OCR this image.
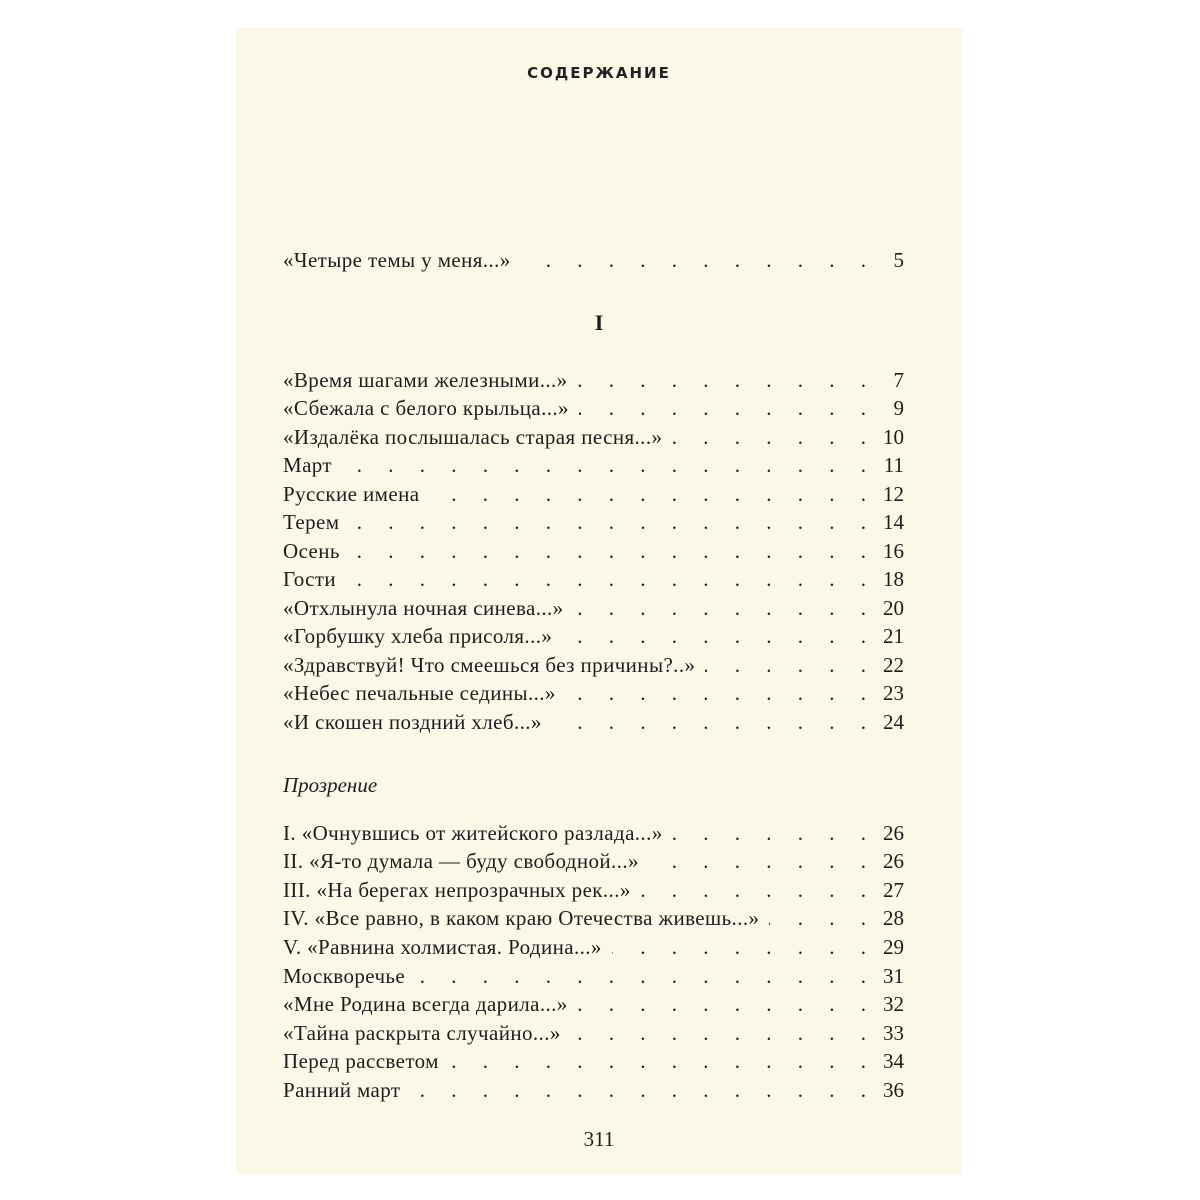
СОДЕРЖАНИЕ
«Четыре темы у меня...» .	5
I
«Время шагами железными...» .	7
«Сбежала с белого крыльца...» .	9
«Издалёка послышалась старая песня...» .	10
Март .	11
Русские имена .	12
Терем .	14
Осень .	16
Гости .	18
«Отхлынула ночная синева...» .	20
«Горбушку хлеба присоля...» .	21
«Здравствуй! Что смеешься без причины?..» .	22
«Небес печальные седины...» .	23
«И скошен поздний хлеб...» .	24
Прозрение
I. «Очнувшись от житейского разлада...» .	26
II. «Я-то думала — буду свободной...» .	26
III. «На берегах непрозрачных рек...» .	27
IV. «Все равно, в каком краю Отечества живешь...» .	28
V. «Равнина холмистая. Родина...» .	29
Москворечье .	31
«Мне Родина всегда дарила...» .	32
«Тайна раскрыта случайно...» .	33
Перед рассветом .	34
Ранний март .	36
311
